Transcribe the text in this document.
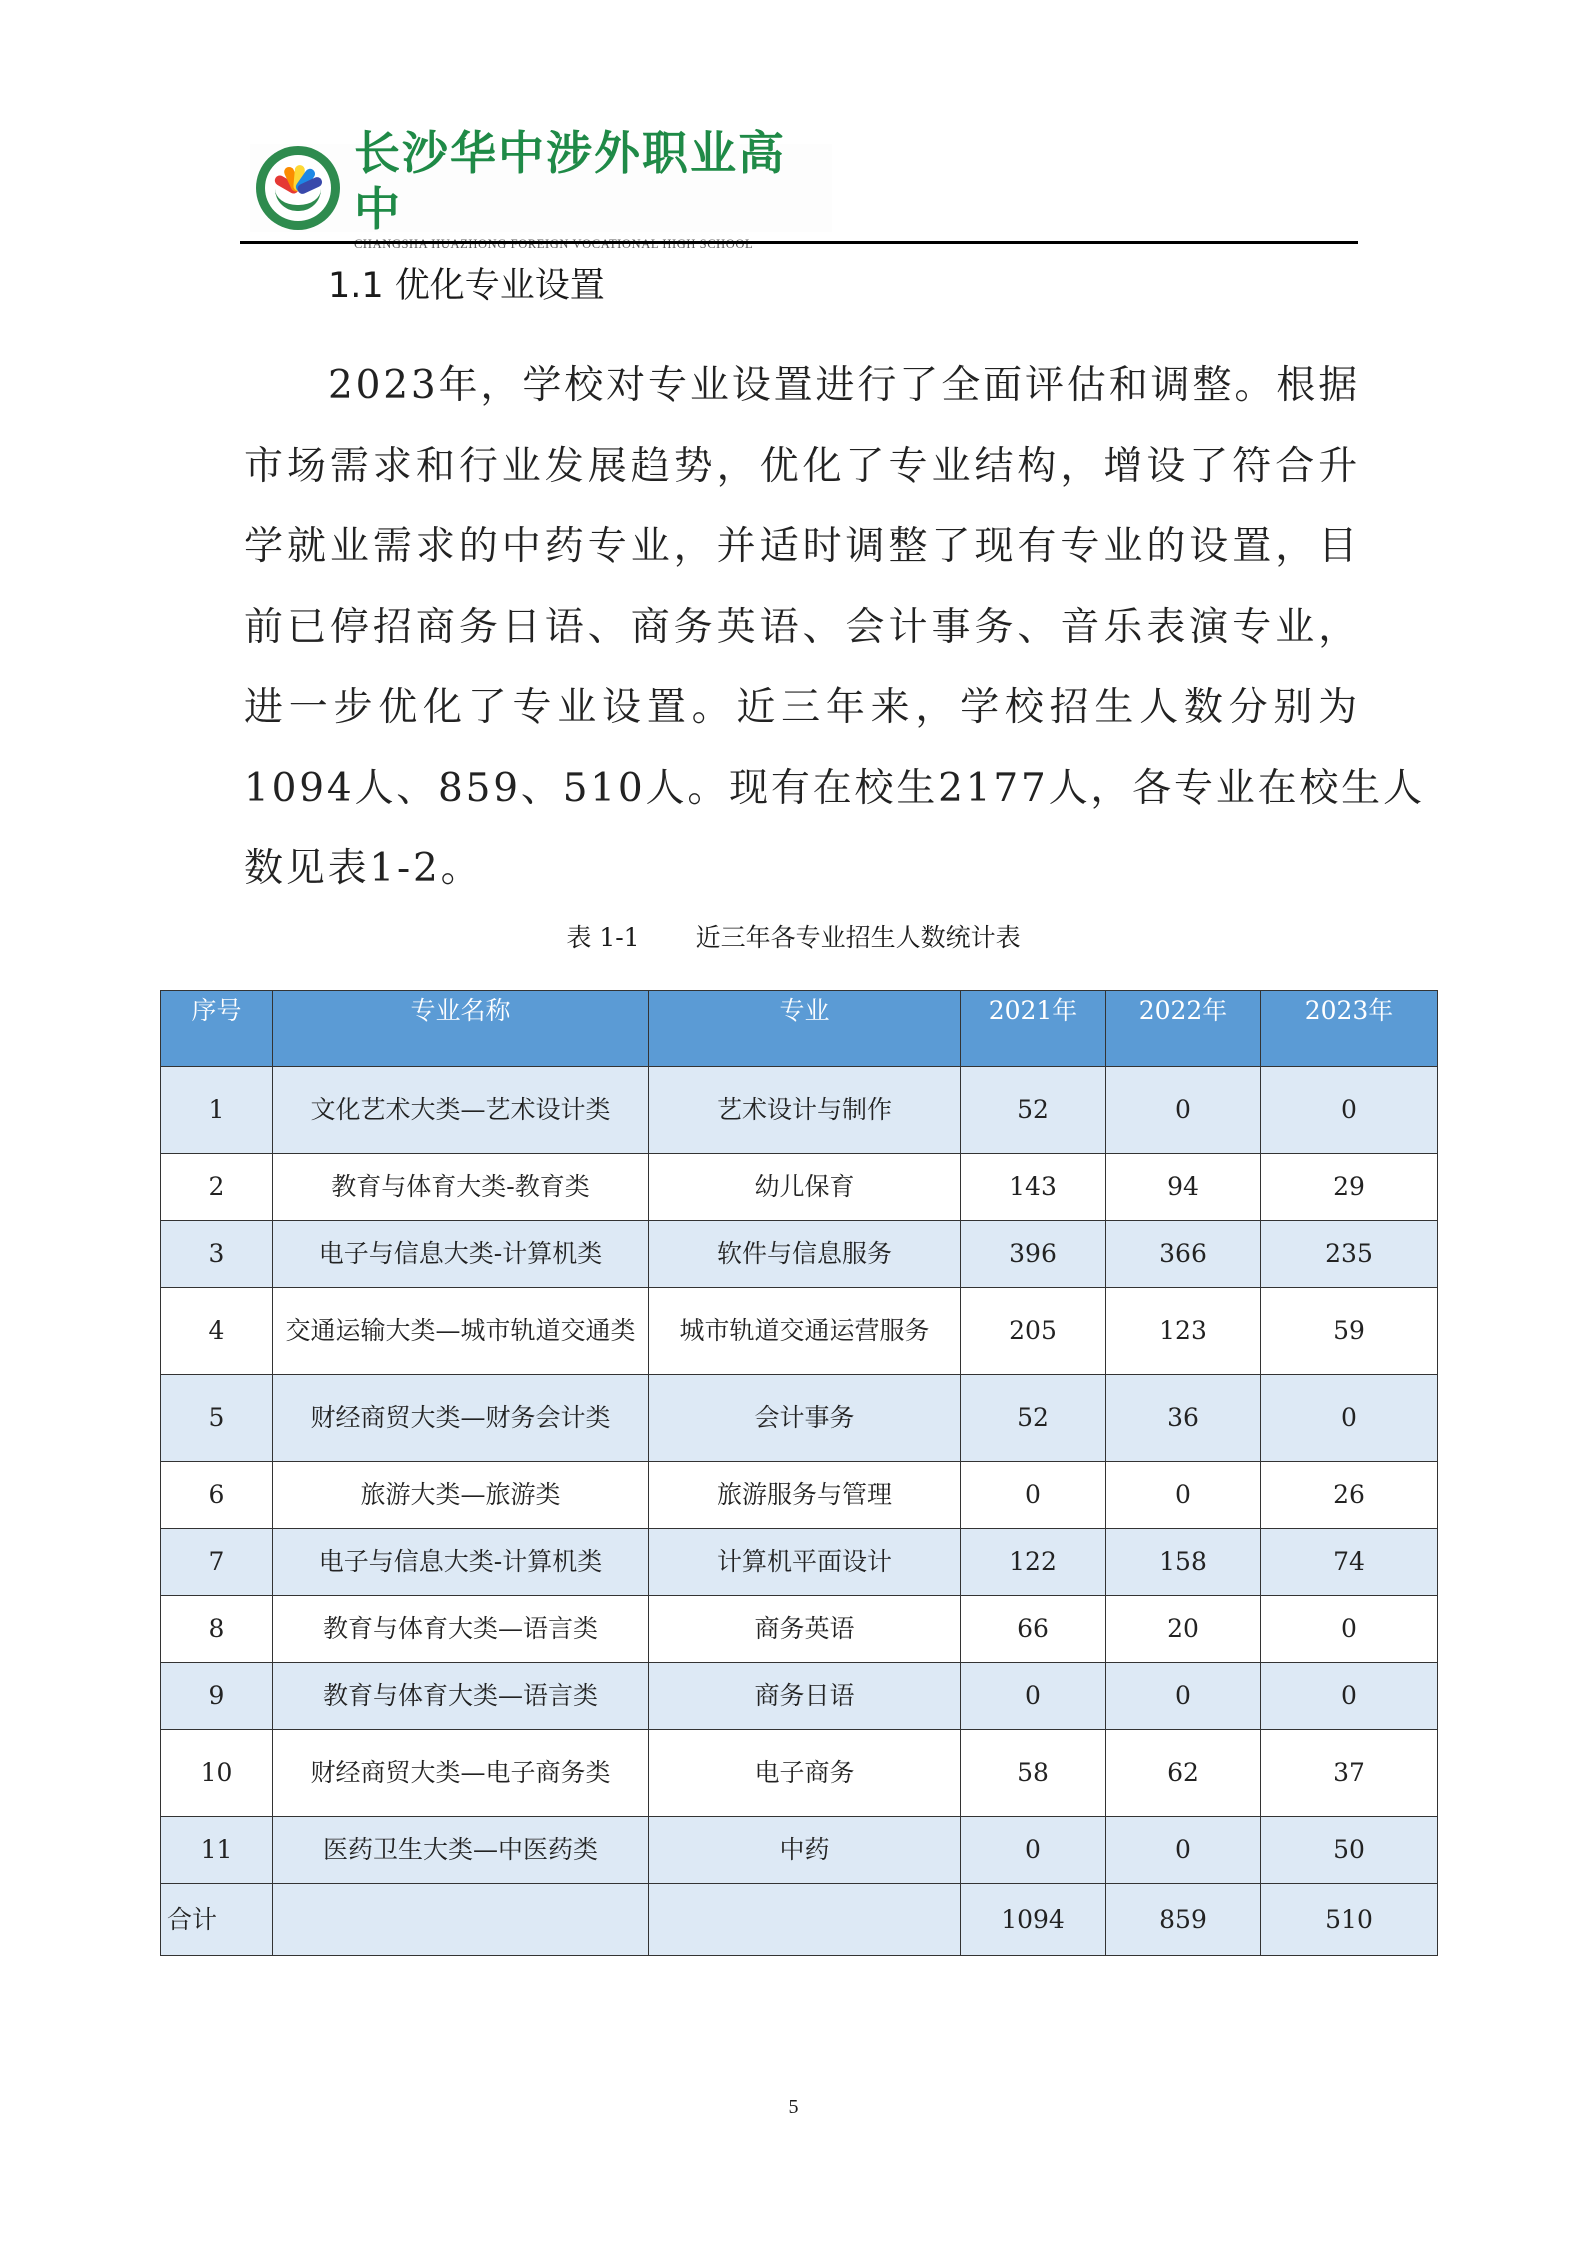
长沙华中涉外职业高中
1.1 优化专业设置
2023年，学校对专业设置进行了全面评估和调整。根据
市场需求和行业发展趋势，优化了专业结构，增设了符合升
学就业需求的中药专业，并适时调整了现有专业的设置，目
前已停招商务日语、商务英语、会计事务、音乐表演专业，
进一步优化了专业设置。近三年来，学校招生人数分别为
1094人、859、510人。现有在校生2177人，各专业在校生人
数见表1-2。
表 1-1 近三年各专业招生人数统计表
序号	专业名称	专业	2021年	2022年	2023年
1	文化艺术大类—艺术设计类	艺术设计与制作	52	0	0
2	教育与体育大类-教育类	幼儿保育	143	94	29
3	电子与信息大类-计算机类	软件与信息服务	396	366	235
4	交通运输大类—城市轨道交通类	城市轨道交通运营服务	205	123	59
5	财经商贸大类—财务会计类	会计事务	52	36	0
6	旅游大类—旅游类	旅游服务与管理	0	0	26
7	电子与信息大类-计算机类	计算机平面设计	122	158	74
8	教育与体育大类—语言类	商务英语	66	20	0
9	教育与体育大类—语言类	商务日语	0	0	0
10	财经商贸大类—电子商务类	电子商务	58	62	37
11	医药卫生大类—中医药类	中药	0	0	50
合计			1094	859	510
5
